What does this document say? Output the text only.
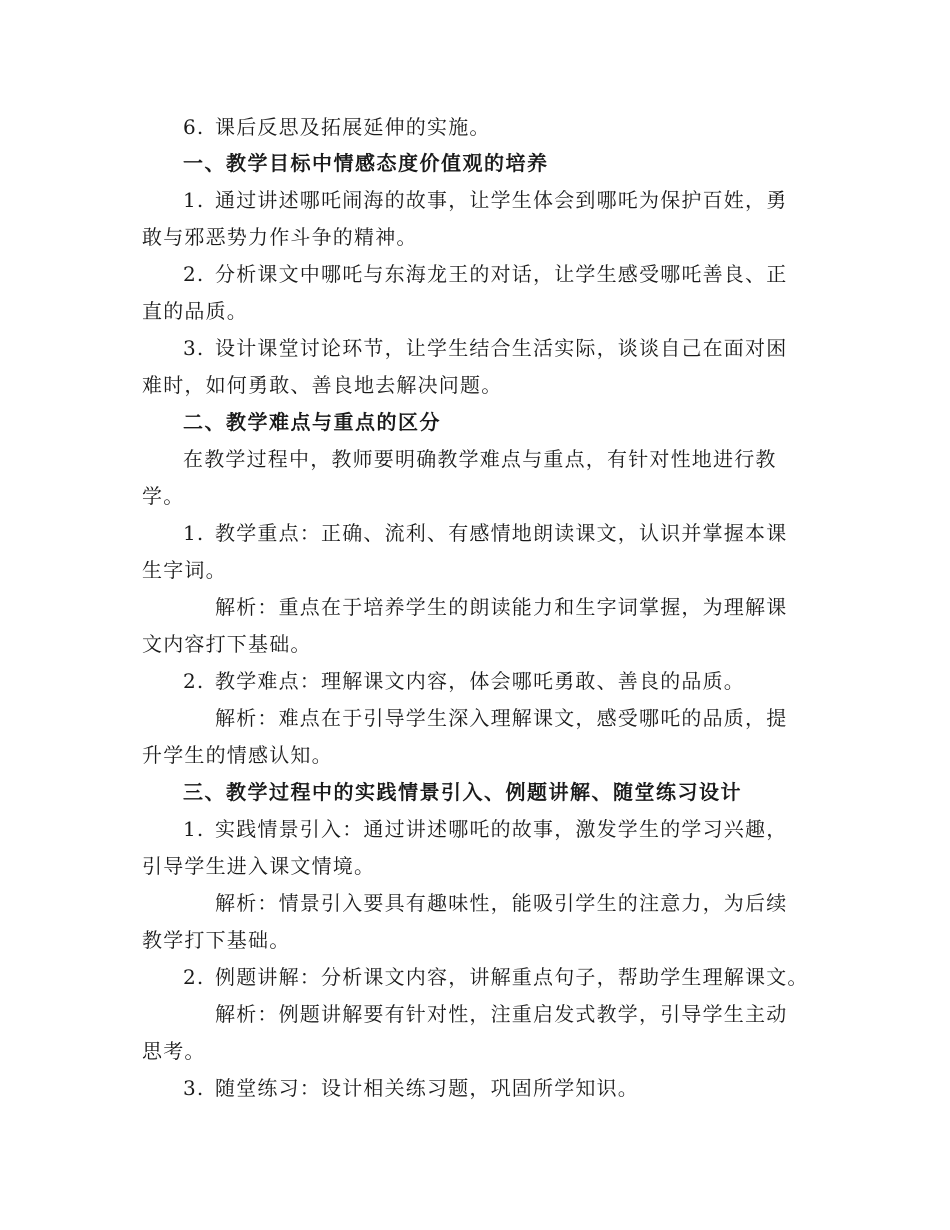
6. 课后反思及拓展延伸的实施。
一、教学目标中情感态度价值观的培养
1. 通过讲述哪吒闹海的故事，让学生体会到哪吒为保护百姓，勇
敢与邪恶势力作斗争的精神。
2. 分析课文中哪吒与东海龙王的对话，让学生感受哪吒善良、正
直的品质。
3. 设计课堂讨论环节，让学生结合生活实际，谈谈自己在面对困
难时，如何勇敢、善良地去解决问题。
二、教学难点与重点的区分
在教学过程中，教师要明确教学难点与重点，有针对性地进行教
学。
1. 教学重点：正确、流利、有感情地朗读课文，认识并掌握本课
生字词。
解析：重点在于培养学生的朗读能力和生字词掌握，为理解课
文内容打下基础。
2. 教学难点：理解课文内容，体会哪吒勇敢、善良的品质。
解析：难点在于引导学生深入理解课文，感受哪吒的品质，提
升学生的情感认知。
三、教学过程中的实践情景引入、例题讲解、随堂练习设计
1. 实践情景引入：通过讲述哪吒的故事，激发学生的学习兴趣，
引导学生进入课文情境。
解析：情景引入要具有趣味性，能吸引学生的注意力，为后续
教学打下基础。
2. 例题讲解：分析课文内容，讲解重点句子，帮助学生理解课文。
解析：例题讲解要有针对性，注重启发式教学，引导学生主动
思考。
3. 随堂练习：设计相关练习题，巩固所学知识。
